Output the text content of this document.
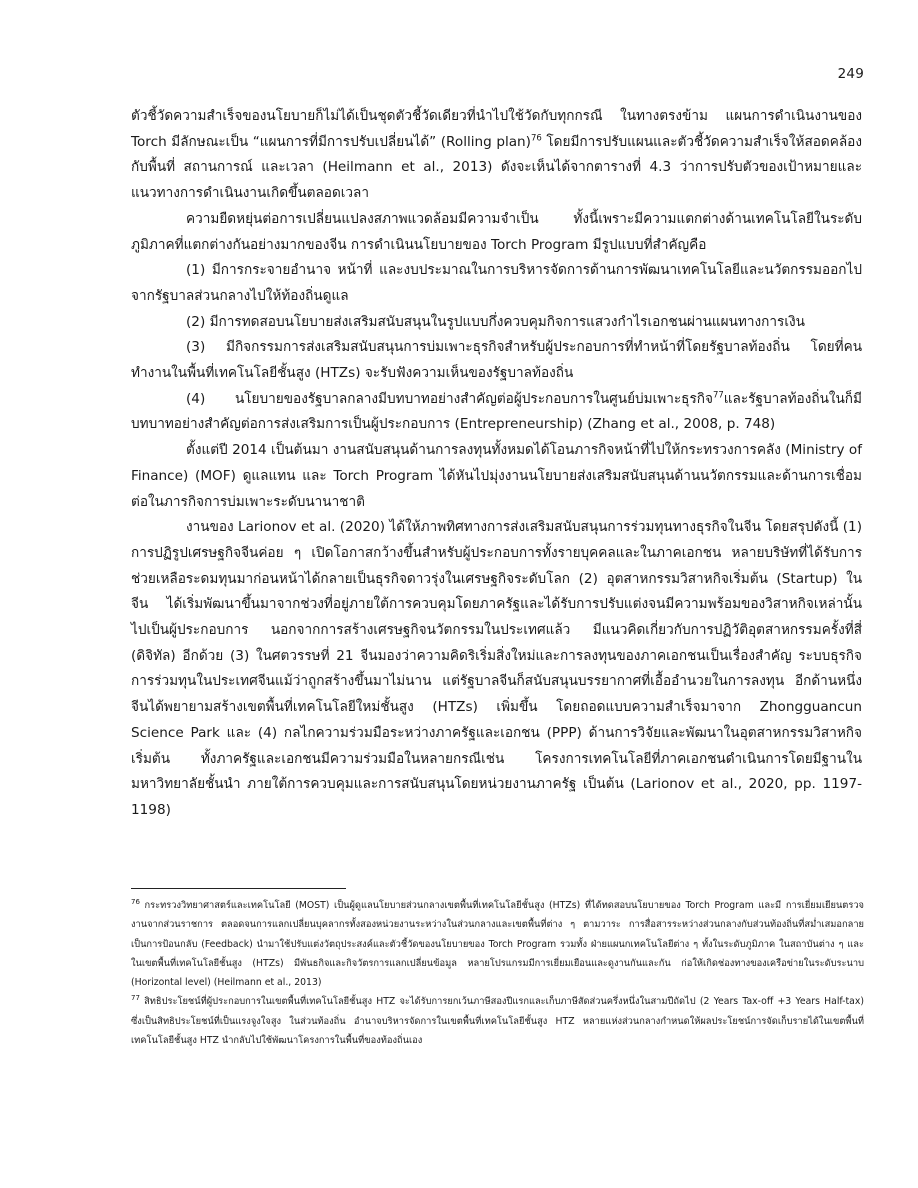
249

ตัวชี้วัดความสำเร็จของนโยบายก็ไม่ได้เป็นชุดตัวชี้วัดเดียวที่นำไปใช้วัดกับทุกกรณี ในทางตรงข้าม แผนการดำเนินงานของ Torch มีลักษณะเป็น “แผนการที่มีการปรับเปลี่ยนได้” (Rolling plan)$^{76}$ โดยมีการปรับแผนและตัวชี้วัดความสำเร็จให้สอดคล้องกับพื้นที่ สถานการณ์ และเวลา (Heilmann et al., 2013) ดังจะเห็นได้จากตารางที่ 4.3 ว่าการปรับตัวของเป้าหมายและแนวทางการดำเนินงานเกิดขึ้นตลอดเวลา

ความยืดหยุ่นต่อการเปลี่ยนแปลงสภาพแวดล้อมมีความจำเป็น ทั้งนี้เพราะมีความแตกต่างด้านเทคโนโลยีในระดับภูมิภาคที่แตกต่างกันอย่างมากของจีน การดำเนินนโยบายของ Torch Program มีรูปแบบที่สำคัญคือ

(1) มีการกระจายอำนาจ หน้าที่ และงบประมาณในการบริหารจัดการด้านการพัฒนาเทคโนโลยีและนวัตกรรมออกไปจากรัฐบาลส่วนกลางไปให้ท้องถิ่นดูแล

(2) มีการทดสอบนโยบายส่งเสริมสนับสนุนในรูปแบบกึ่งควบคุมกิจการแสวงกำไรเอกชนผ่านแผนทางการเงิน

(3) มีกิจกรรมการส่งเสริมสนับสนุนการบ่มเพาะธุรกิจสำหรับผู้ประกอบการที่ทำหน้าที่โดยรัฐบาลท้องถิ่น โดยที่คนทำงานในพื้นที่เทคโนโลยีชั้นสูง (HTZs) จะรับฟังความเห็นของรัฐบาลท้องถิ่น

(4) นโยบายของรัฐบาลกลางมีบทบาทอย่างสำคัญต่อผู้ประกอบการในศูนย์บ่มเพาะธุรกิจ$^{77}$และรัฐบาลท้องถิ่นในก็มีบทบาทอย่างสำคัญต่อการส่งเสริมการเป็นผู้ประกอบการ (Entrepreneurship) (Zhang et al., 2008, p. 748)

ตั้งแต่ปี 2014 เป็นต้นมา งานสนับสนุนด้านการลงทุนทั้งหมดได้โอนภารกิจหน้าที่ไปให้กระทรวงการคลัง (Ministry of Finance) (MOF) ดูแลแทน และ Torch Program ได้หันไปมุ่งงานนโยบายส่งเสริมสนับสนุนด้านนวัตกรรมและด้านการเชื่อมต่อในภารกิจการบ่มเพาะระดับนานาชาติ

งานของ Larionov et al. (2020) ได้ให้ภาพทิศทางการส่งเสริมสนับสนุนการร่วมทุนทางธุรกิจในจีน โดยสรุปดังนี้ (1) การปฏิรูปเศรษฐกิจจีนค่อย ๆ เปิดโอกาสกว้างขึ้นสำหรับผู้ประกอบการทั้งรายบุคคลและในภาคเอกชน หลายบริษัทที่ได้รับการช่วยเหลือระดมทุนมาก่อนหน้าได้กลายเป็นธุรกิจดาวรุ่งในเศรษฐกิจระดับโลก (2) อุตสาหกรรมวิสาหกิจเริ่มต้น (Startup) ในจีน ได้เริ่มพัฒนาขึ้นมาจากช่วงที่อยู่ภายใต้การควบคุมโดยภาครัฐและได้รับการปรับแต่งจนมีความพร้อมของวิสาหกิจเหล่านั้นไปเป็นผู้ประกอบการ นอกจากการสร้างเศรษฐกิจนวัตกรรมในประเทศแล้ว มีแนวคิดเกี่ยวกับการปฏิวัติอุตสาหกรรมครั้งที่สี่ (ดิจิทัล) อีกด้วย (3) ในศตวรรษที่ 21 จีนมองว่าความคิดริเริ่มสิ่งใหม่และการลงทุนของภาคเอกชนเป็นเรื่องสำคัญ ระบบธุรกิจการร่วมทุนในประเทศจีนแม้ว่าถูกสร้างขึ้นมาไม่นาน แต่รัฐบาลจีนก็สนับสนุนบรรยากาศที่เอื้ออำนวยในการลงทุน อีกด้านหนึ่ง จีนได้พยายามสร้างเขตพื้นที่เทคโนโลยีใหม่ชั้นสูง (HTZs) เพิ่มขึ้น โดยถอดแบบความสำเร็จมาจาก Zhongguancun Science Park และ (4) กลไกความร่วมมือระหว่างภาครัฐและเอกชน (PPP) ด้านการวิจัยและพัฒนาในอุตสาหกรรมวิสาหกิจเริ่มต้น ทั้งภาครัฐและเอกชนมีความร่วมมือในหลายกรณีเช่น โครงการเทคโนโลยีที่ภาคเอกชนดำเนินการโดยมีฐานในมหาวิทยาลัยชั้นนำ ภายใต้การควบคุมและการสนับสนุนโดยหน่วยงานภาครัฐ เป็นต้น (Larionov et al., 2020, pp. 1197-1198)

$^{76}$ กระทรวงวิทยาศาสตร์และเทคโนโลยี (MOST) เป็นผู้ดูแลนโยบายส่วนกลางเขตพื้นที่เทคโนโลยีชั้นสูง (HTZs) ที่ได้ทดสอบนโยบายของ Torch Program และมี การเยี่ยมเยียนตรวจงานจากส่วนราชการ ตลอดจนการแลกเปลี่ยนบุคลากรทั้งสองหน่วยงานระหว่างในส่วนกลางและเขตพื้นที่ต่าง ๆ ตามวาระ การสื่อสารระหว่างส่วนกลางกับส่วนท้องถิ่นที่สม่ำเสมอกลายเป็นการป้อนกลับ (Feedback) นำมาใช้ปรับแต่งวัตถุประสงค์และตัวชี้วัดของนโยบายของ Torch Program รวมทั้ง ฝ่ายแผนกเทคโนโลยีต่าง ๆ ทั้งในระดับภูมิภาค ในสถาบันต่าง ๆ และในเขตพื้นที่เทคโนโลยีชั้นสูง (HTZs) มีพันธกิจและกิจวัตรการแลกเปลี่ยนข้อมูล หลายโปรแกรมมีการเยี่ยมเยือนและดูงานกันและกัน ก่อให้เกิดช่องทางของเครือข่ายในระดับระนาบ (Horizontal level) (Heilmann et al., 2013)

$^{77}$ สิทธิประโยชน์ที่ผู้ประกอบการในเขตพื้นที่เทคโนโลยีชั้นสูง HTZ จะได้รับการยกเว้นภาษีสองปีแรกและเก็บภาษีสัดส่วนครึ่งหนึ่งในสามปีถัดไป (2 Years Tax-off +3 Years Half-tax) ซึ่งเป็นสิทธิประโยชน์ที่เป็นแรงจูงใจสูง ในส่วนท้องถิ่น อำนาจบริหารจัดการในเขตพื้นที่เทคโนโลยีชั้นสูง HTZ หลายแห่งส่วนกลางกำหนดให้ผลประโยชน์การจัดเก็บรายได้ในเขตพื้นที่เทคโนโลยีชั้นสูง HTZ นำกลับไปใช้พัฒนาโครงการในพื้นที่ของท้องถิ่นเอง
